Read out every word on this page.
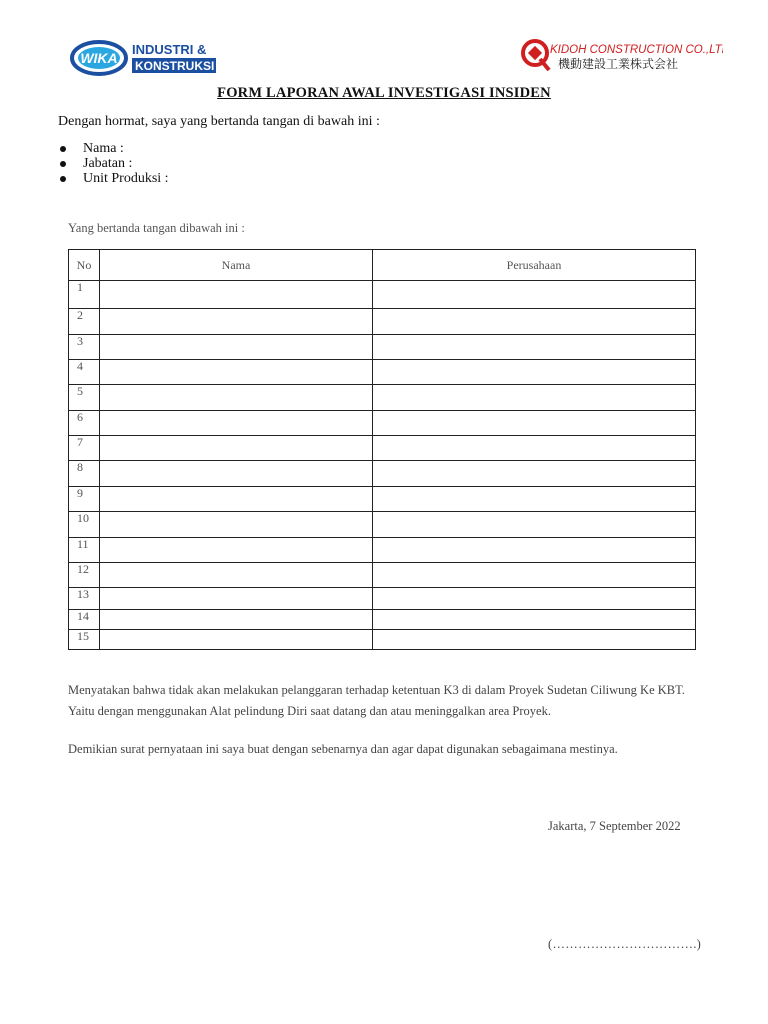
WIKA
INDUSTRI &
KONSTRUKSI
KIDOH CONSTRUCTION CO.,LTD
機動建設工業株式会社
FORM LAPORAN AWAL INVESTIGASI INSIDEN
Dengan hormat, saya yang bertanda tangan di bawah ini :
Nama :
Jabatan :
Unit Produksi :
Yang bertanda tangan dibawah ini :
No	Nama	Perusahaan
1		
2		
3		
4		
5		
6		
7		
8		
9		
10		
11		
12		
13		
14		
15		
Menyatakan bahwa tidak akan melakukan pelanggaran terhadap ketentuan K3 di dalam Proyek Sudetan Ciliwung Ke KBT.
Yaitu dengan menggunakan Alat pelindung Diri saat datang dan atau meninggalkan area Proyek.
Demikian surat pernyataan ini saya buat dengan sebenarnya dan agar dapat digunakan sebagaimana mestinya.
Jakarta, 7 September 2022
(…………………………….)
